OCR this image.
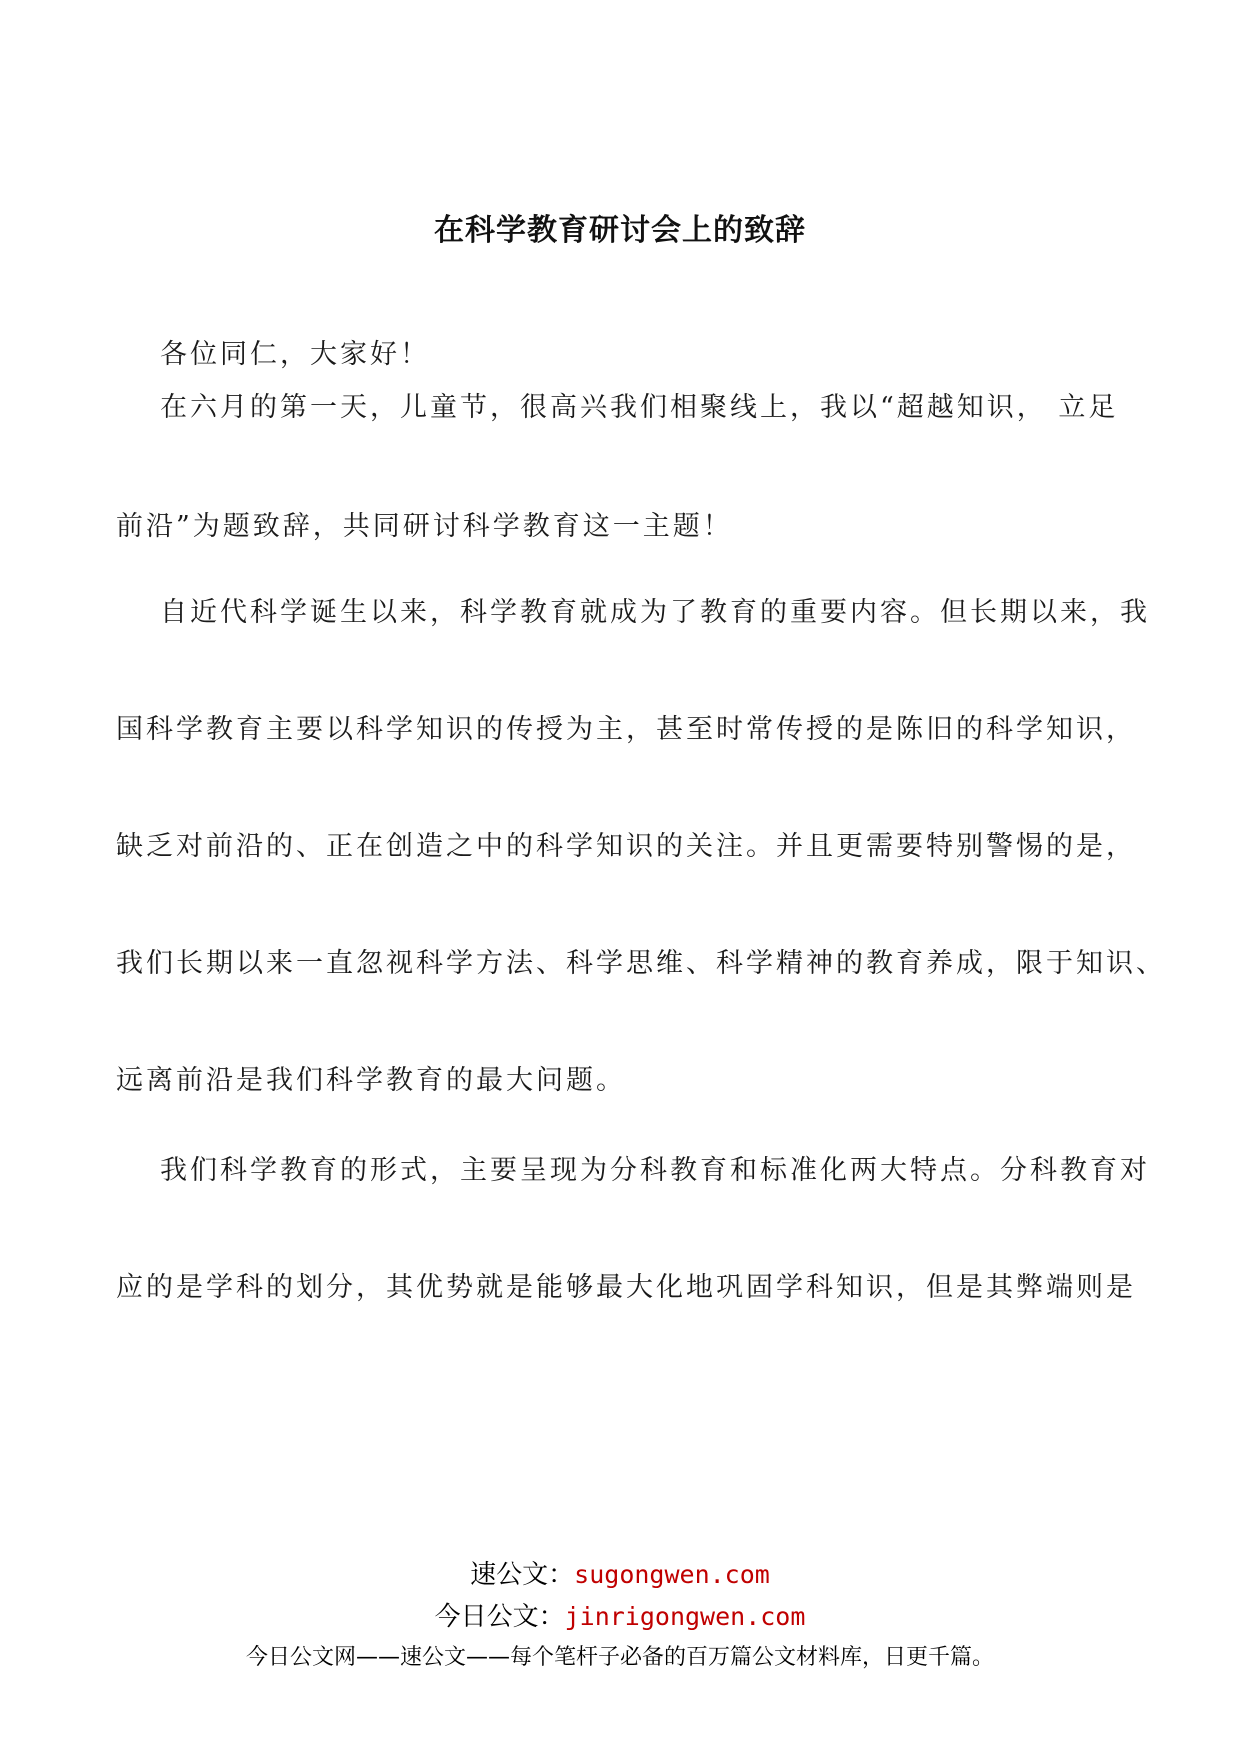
在科学教育研讨会上的致辞
各位同仁，大家好！
在六月的第一天，儿童节，很高兴我们相聚线上，我以“超越知识， 立足
前沿”为题致辞，共同研讨科学教育这一主题！
自近代科学诞生以来，科学教育就成为了教育的重要内容。但长期以来，我
国科学教育主要以科学知识的传授为主，甚至时常传授的是陈旧的科学知识，
缺乏对前沿的、正在创造之中的科学知识的关注。并且更需要特别警惕的是，
我们长期以来一直忽视科学方法、科学思维、科学精神的教育养成，限于知识、
远离前沿是我们科学教育的最大问题。
我们科学教育的形式，主要呈现为分科教育和标准化两大特点。分科教育对
应的是学科的划分，其优势就是能够最大化地巩固学科知识，但是其弊端则是
速公文：sugongwen.com
今日公文：jinrigongwen.com
今日公文网——速公文——每个笔杆子必备的百万篇公文材料库，日更千篇。
